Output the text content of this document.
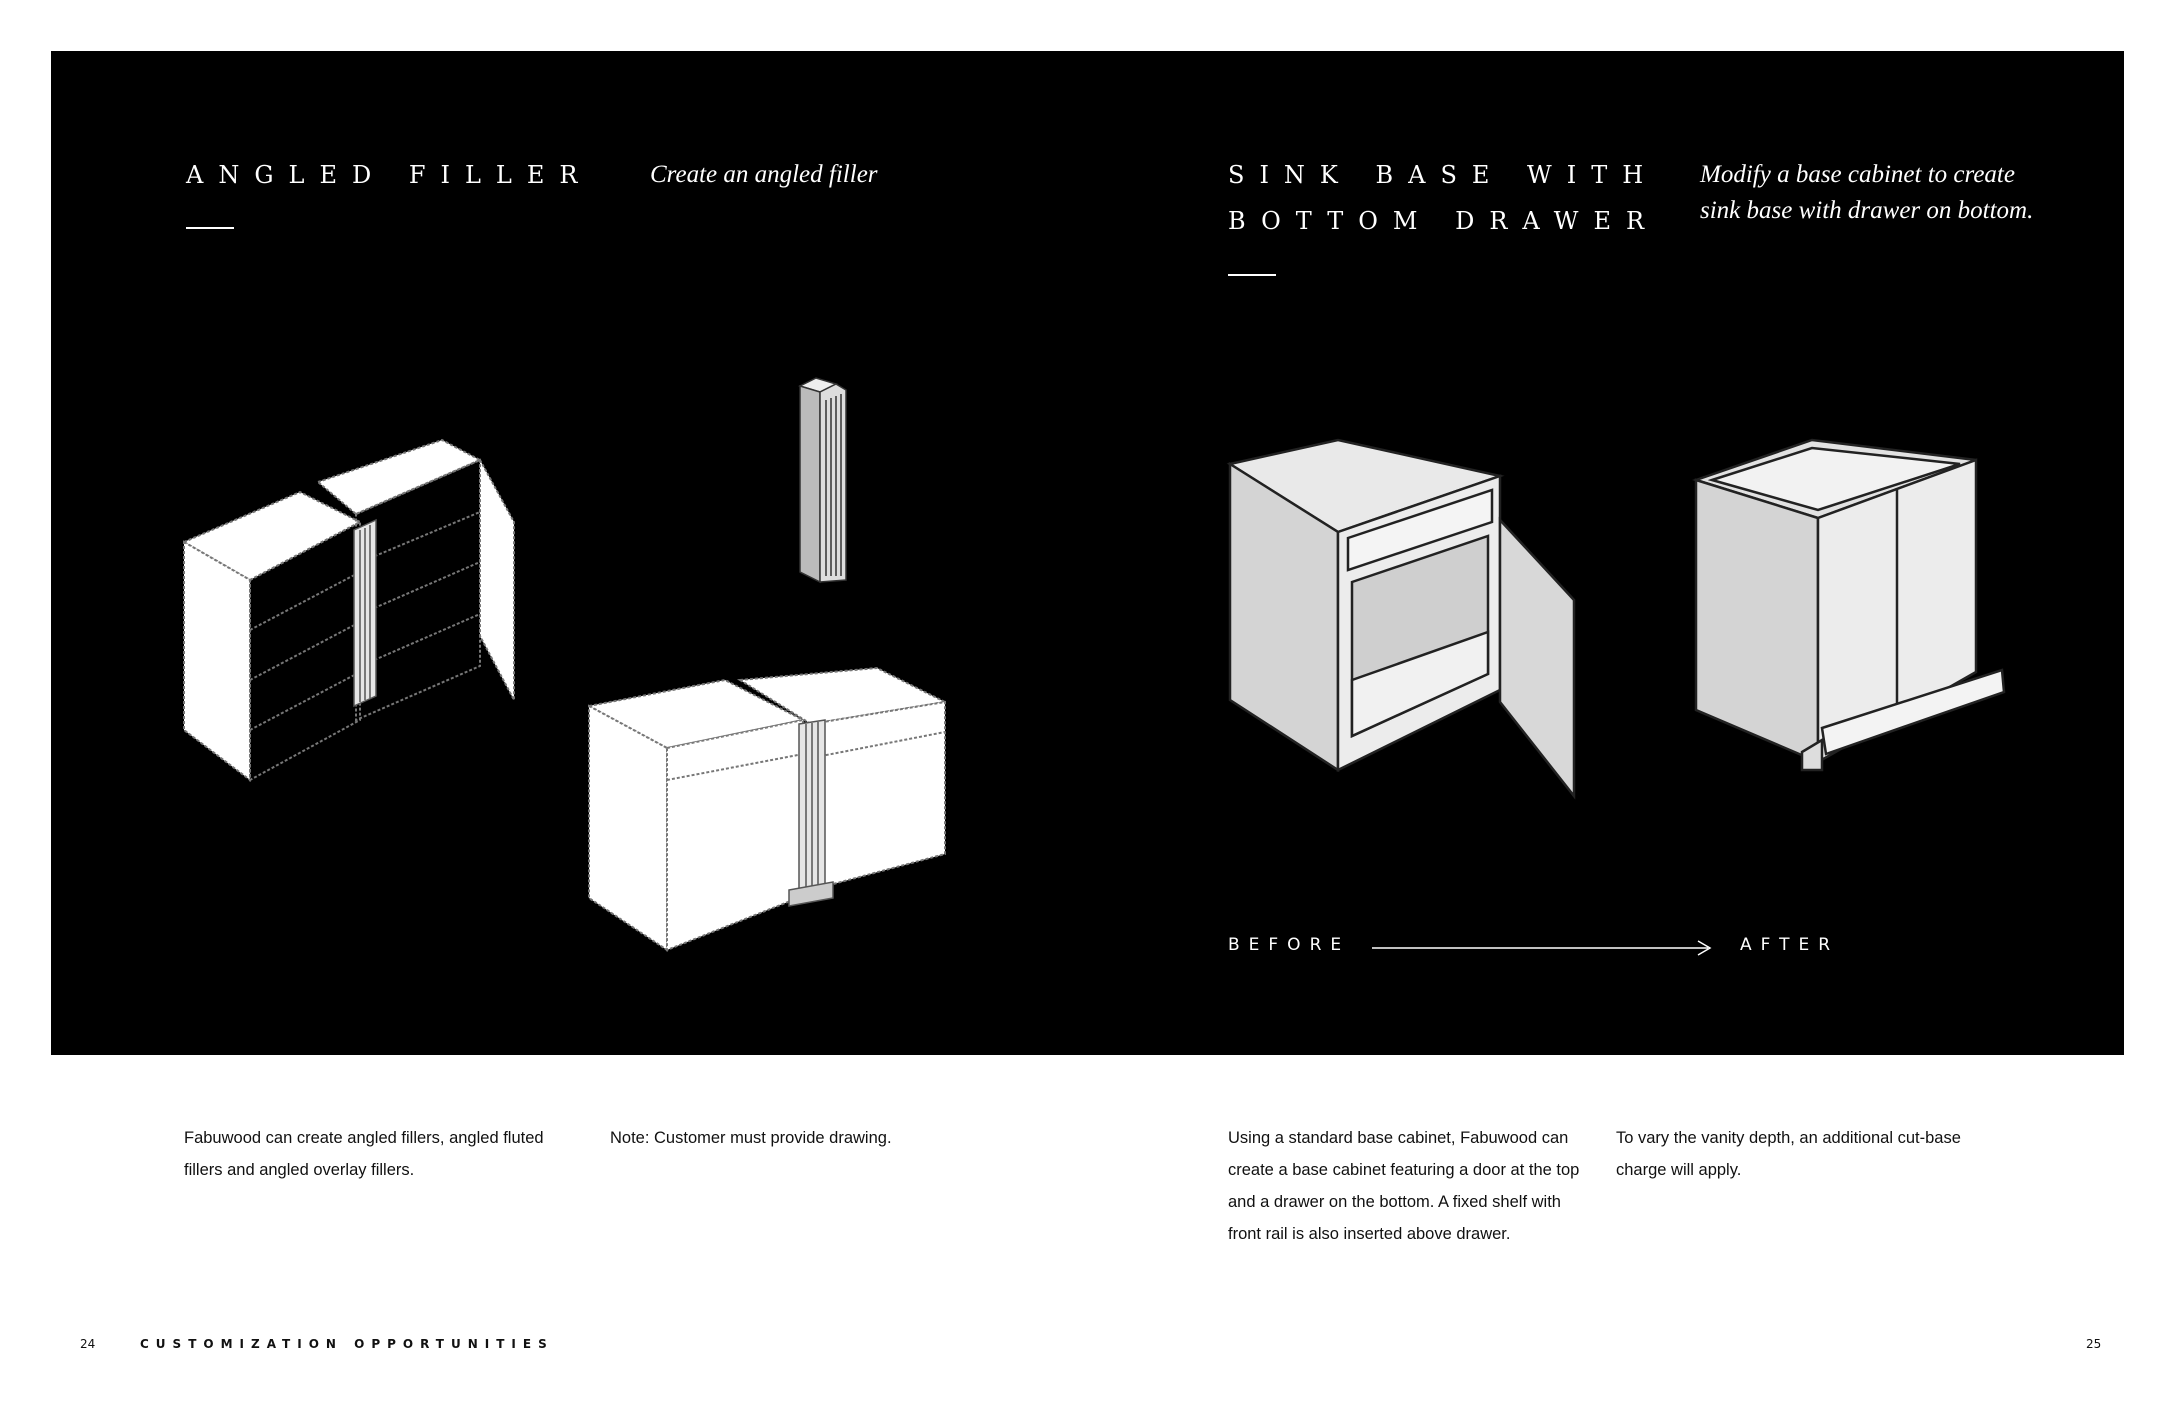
ANGLED FILLER Create an angled filler	SINK BASE WITH
BOTTOM DRAWER
Modify a base cabinet to create sink base with drawer on bottom.
BEFORE	AFTER
Fabuwood can create angled fillers, angled fluted fillers and angled overlay fillers.
Note: Customer must provide drawing.	Using a standard base cabinet, Fabuwood can create a base cabinet featuring a door at the top and a drawer on the bottom. A fixed shelf with front rail is also inserted above drawer.
To vary the vanity depth, an additional cut-base charge will apply.
24	CUSTOMIZATION OPPORTUNITIES	25
